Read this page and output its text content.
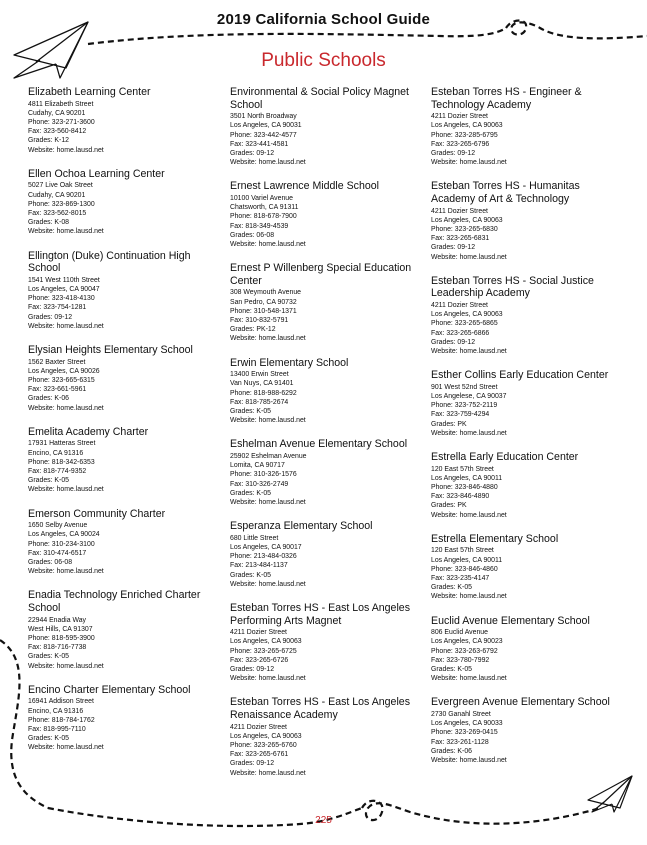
2019 California School Guide
Public Schools
Elizabeth Learning Center
4811 Elizabeth Street
Cudahy, CA 90201
Phone: 323-271-3600
Fax: 323-560-8412
Grades: K-12
Website: home.lausd.net
Ellen Ochoa Learning Center
5027 Live Oak Street
Cudahy, CA 90201
Phone: 323-869-1300
Fax: 323-562-8015
Grades: K-08
Website: home.lausd.net
Ellington (Duke) Continuation High School
1541 West 110th Street
Los Angeles, CA 90047
Phone: 323-418-4130
Fax: 323-754-1281
Grades: 09-12
Website: home.lausd.net
Elysian Heights Elementary School
1562 Baxter Street
Los Angeles, CA 90026
Phone: 323-665-6315
Fax: 323-661-5961
Grades: K-06
Website: home.lausd.net
Emelita Academy Charter
17931 Hatteras Street
Encino, CA 91316
Phone: 818-342-6353
Fax: 818-774-9352
Grades: K-05
Website: home.lausd.net
Emerson Community Charter
1650 Selby Avenue
Los Angeles, CA 90024
Phone: 310-234-3100
Fax: 310-474-6517
Grades: 06-08
Website: home.lausd.net
Enadia Technology Enriched Charter School
22944 Enadia Way
West Hills, CA 91307
Phone: 818-595-3900
Fax: 818-716-7738
Grades: K-05
Website: home.lausd.net
Encino Charter Elementary School
16941 Addison Street
Encino, CA 91316
Phone: 818-784-1762
Fax: 818-995-7110
Grades: K-05
Website: home.lausd.net
Environmental & Social Policy Magnet School
3501 North Broadway
Los Angeles, CA 90031
Phone: 323-442-4577
Fax: 323-441-4581
Grades: 09-12
Website: home.lausd.net
Ernest Lawrence Middle School
10100 Variel Avenue
Chatsworth, CA 91311
Phone: 818-678-7900
Fax: 818-349-4539
Grades: 06-08
Website: home.lausd.net
Ernest P Willenberg Special Education Center
308 Weymouth Avenue
San Pedro, CA 90732
Phone: 310-548-1371
Fax: 310-832-5791
Grades: PK-12
Website: home.lausd.net
Erwin Elementary School
13400 Erwin Street
Van Nuys, CA 91401
Phone: 818-988-6292
Fax: 818-785-2674
Grades: K-05
Website: home.lausd.net
Eshelman Avenue Elementary School
25902 Eshelman Avenue
Lomita, CA 90717
Phone: 310-326-1576
Fax: 310-326-2749
Grades: K-05
Website: home.lausd.net
Esperanza Elementary School
680 Little Street
Los Angeles, CA 90017
Phone: 213-484-0326
Fax: 213-484-1137
Grades: K-05
Website: home.lausd.net
Esteban Torres HS - East Los Angeles Performing Arts Magnet
4211 Dozier Street
Los Angeles, CA 90063
Phone: 323-265-6725
Fax: 323-265-6726
Grades: 09-12
Website: home.lausd.net
Esteban Torres HS - East Los Angeles Renaissance Academy
4211 Dozier Street
Los Angeles, CA 90063
Phone: 323-265-6760
Fax: 323-265-6761
Grades: 09-12
Website: home.lausd.net
Esteban Torres HS - Engineer & Technology Academy
4211 Dozier Street
Los Angeles, CA 90063
Phone: 323-285-6795
Fax: 323-265-6796
Grades: 09-12
Website: home.lausd.net
Esteban Torres HS - Humanitas Academy of Art & Technology
4211 Dozier Street
Los Angeles, CA 90063
Phone: 323-265-6830
Fax: 323-265-6831
Grades: 09-12
Website: home.lausd.net
Esteban Torres HS - Social Justice Leadership Academy
4211 Dozier Street
Los Angeles, CA 90063
Phone: 323-265-6865
Fax: 323-265-6866
Grades: 09-12
Website: home.lausd.net
Esther Collins Early Education Center
901 West 52nd Street
Los Angelese, CA 90037
Phone: 323-752-2119
Fax: 323-759-4294
Grades: PK
Website: home.lausd.net
Estrella Early Education Center
120 East 57th Street
Los Angeles, CA 90011
Phone: 323-846-4880
Fax: 323-846-4890
Grades: PK
Website: home.lausd.net
Estrella Elementary School
120 East 57th Street
Los Angeles, CA 90011
Phone: 323-846-4860
Fax: 323-235-4147
Grades: K-05
Website: home.lausd.net
Euclid Avenue Elementary School
806 Euclid Avenue
Los Angeles, CA 90023
Phone: 323-263-6792
Fax: 323-780-7992
Grades: K-05
Website: home.lausd.net
Evergreen Avenue Elementary School
2730 Ganahl Street
Los Angeles, CA 90033
Phone: 323-269-0415
Fax: 323-261-1128
Grades: K-06
Website: home.lausd.net
225
